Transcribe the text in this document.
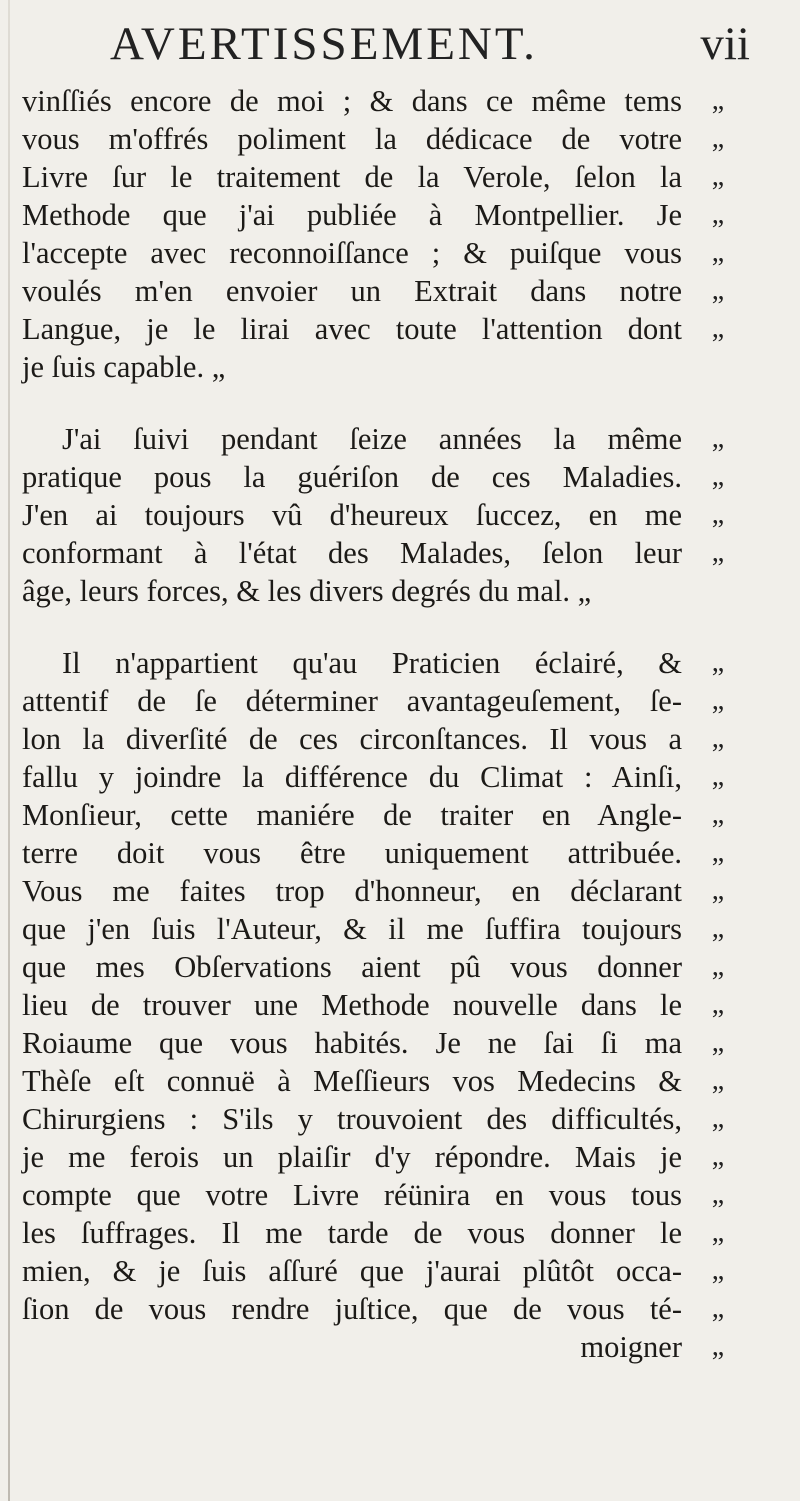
AVERTISSEMENT.	vii
vinſſiés encore de moi ; & dans ce même tems
vous m'offrés poliment la dédicace de votre
Livre ſur le traitement de la Verole, ſelon la
Methode que j'ai publiée à Montpellier. Je
l'accepte avec reconnoiſſance ; & puiſque vous
voulés m'en envoier un Extrait dans notre
Langue, je le lirai avec toute l'attention dont
je ſuis capable. „
J'ai ſuivi pendant ſeize années la même
pratique pous la guériſon de ces Maladies.
J'en ai toujours vû d'heureux ſuccez, en me
conformant à l'état des Malades, ſelon leur
âge, leurs forces, & les divers degrés du mal. „
Il n'appartient qu'au Praticien éclairé, &
attentif de ſe déterminer avantageuſement, ſe-
lon la diverſité de ces circonſtances. Il vous a
fallu y joindre la différence du Climat : Ainſi,
Monſieur, cette maniére de traiter en Angle-
terre doit vous être uniquement attribuée.
Vous me faites trop d'honneur, en déclarant
que j'en ſuis l'Auteur, & il me ſuffira toujours
que mes Obſervations aient pû vous donner
lieu de trouver une Methode nouvelle dans le
Roiaume que vous habités. Je ne ſai ſi ma
Thèſe eſt connuë à Meſſieurs vos Medecins &
Chirurgiens : S'ils y trouvoient des difficultés,
je me ferois un plaiſir d'y répondre. Mais je
compte que votre Livre réünira en vous tous
les ſuffrages. Il me tarde de vous donner le
mien, & je ſuis aſſuré que j'aurai plûtôt occa-
ſion de vous rendre juſtice, que de vous té-
moigner
„
„
„
„
„
„
„
„
„
„
„
„
„
„
„
„
„
„
„
„
„
„
„
„
„
„
„
„
„
„
